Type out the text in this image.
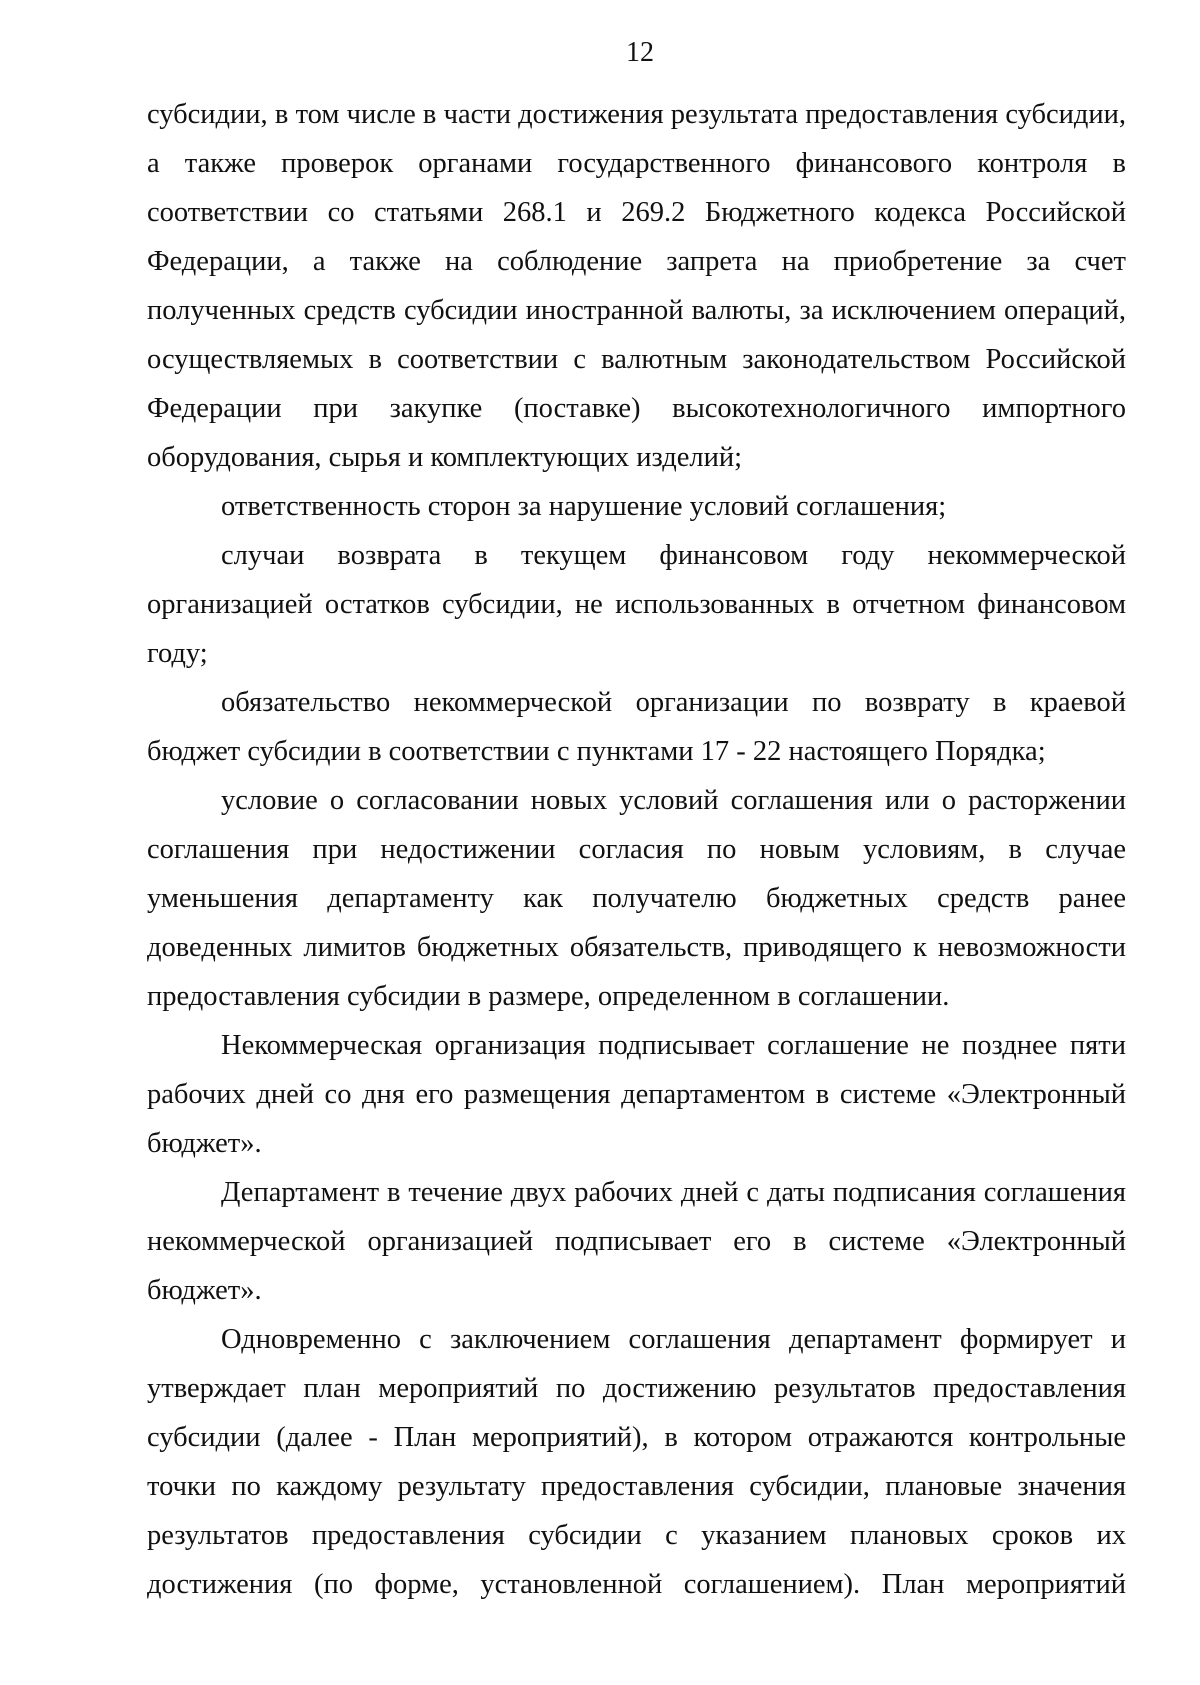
12

субсидии, в том числе в части достижения результата предоставления субсидии, а также проверок органами государственного финансового контроля в соответствии со статьями 268.1 и 269.2 Бюджетного кодекса Российской Федерации, а также на соблюдение запрета на приобретение за счет полученных средств субсидии иностранной валюты, за исключением операций, осуществляемых в соответствии с валютным законодательством Российской Федерации при закупке (поставке) высокотехнологичного импортного оборудования, сырья и комплектующих изделий;

ответственность сторон за нарушение условий соглашения;

случаи возврата в текущем финансовом году некоммерческой организацией остатков субсидии, не использованных в отчетном финансовом году;

обязательство некоммерческой организации по возврату в краевой бюджет субсидии в соответствии с пунктами 17 - 22 настоящего Порядка;

условие о согласовании новых условий соглашения или о расторжении соглашения при недостижении согласия по новым условиям, в случае уменьшения департаменту как получателю бюджетных средств ранее доведенных лимитов бюджетных обязательств, приводящего к невозможности предоставления субсидии в размере, определенном в соглашении.

Некоммерческая организация подписывает соглашение не позднее пяти рабочих дней со дня его размещения департаментом в системе «Электронный бюджет».

Департамент в течение двух рабочих дней с даты подписания соглашения некоммерческой организацией подписывает его в системе «Электронный бюджет».

Одновременно с заключением соглашения департамент формирует и утверждает план мероприятий по достижению результатов предоставления субсидии (далее - План мероприятий), в котором отражаются контрольные точки по каждому результату предоставления субсидии, плановые значения результатов предоставления субсидии с указанием плановых сроков их достижения (по форме, установленной соглашением). План мероприятий
